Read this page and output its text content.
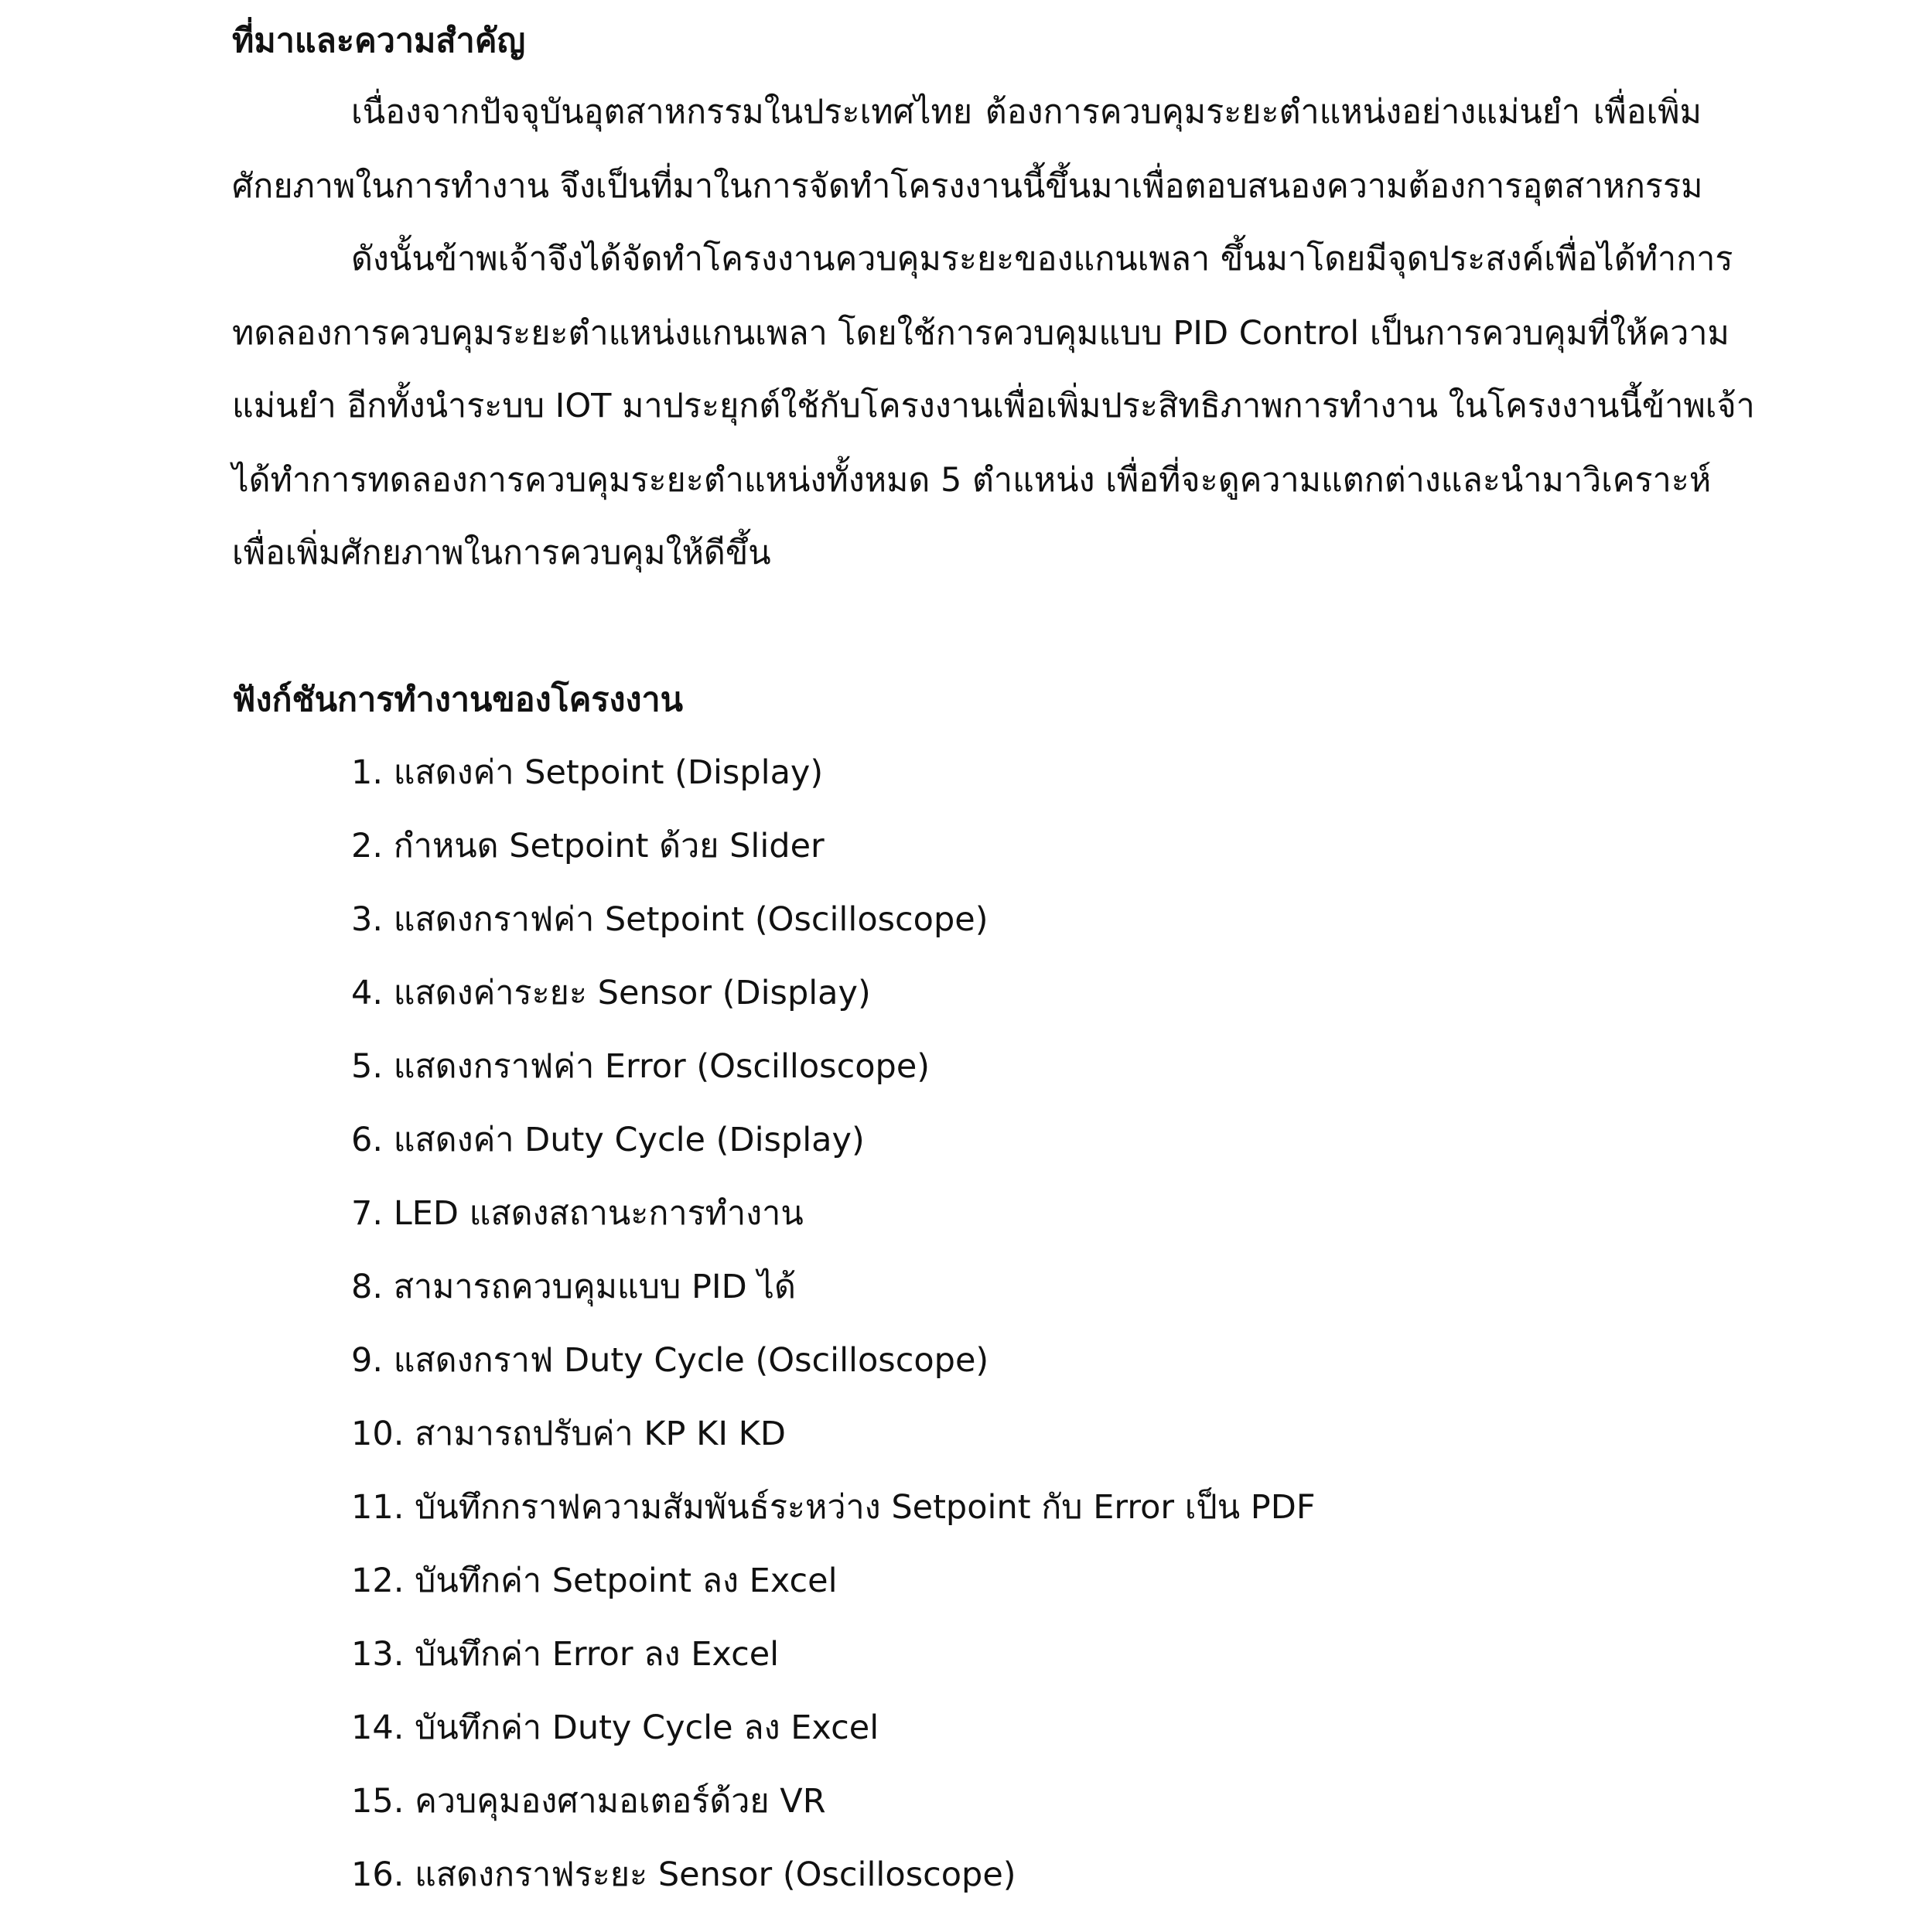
ที่มาและความสำคัญ
เนื่องจากปัจจุบันอุตสาหกรรมในประเทศไทย ต้องการควบคุมระยะตำแหน่งอย่างแม่นยำ เพื่อเพิ่ม
ศักยภาพในการทำงาน จึงเป็นที่มาในการจัดทำโครงงานนี้ขึ้นมาเพื่อตอบสนองความต้องการอุตสาหกรรม
ดังนั้นข้าพเจ้าจึงได้จัดทำโครงงานควบคุมระยะของแกนเพลา ขึ้นมาโดยมีจุดประสงค์เพื่อได้ทำการ
ทดลองการควบคุมระยะตำแหน่งแกนเพลา โดยใช้การควบคุมแบบ PID Control เป็นการควบคุมที่ให้ความ
แม่นยำ อีกทั้งนำระบบ IOT มาประยุกต์ใช้กับโครงงานเพื่อเพิ่มประสิทธิภาพการทำงาน ในโครงงานนี้ข้าพเจ้า
ได้ทำการทดลองการควบคุมระยะตำแหน่งทั้งหมด 5 ตำแหน่ง เพื่อที่จะดูความแตกต่างและนำมาวิเคราะห์
เพื่อเพิ่มศักยภาพในการควบคุมให้ดีขึ้น
ฟังก์ชันการทำงานของโครงงาน
1. แสดงค่า Setpoint (Display)
2. กำหนด Setpoint ด้วย Slider
3. แสดงกราฟค่า Setpoint (Oscilloscope)
4. แสดงค่าระยะ Sensor (Display)
5. แสดงกราฟค่า Error (Oscilloscope)
6. แสดงค่า Duty Cycle (Display)
7. LED แสดงสถานะการทำงาน
8. สามารถควบคุมแบบ PID ได้
9. แสดงกราฟ Duty Cycle (Oscilloscope)
10. สามารถปรับค่า KP KI KD
11. บันทึกกราฟความสัมพันธ์ระหว่าง Setpoint กับ Error เป็น PDF
12. บันทึกค่า Setpoint ลง Excel
13. บันทึกค่า Error ลง Excel
14. บันทึกค่า Duty Cycle ลง Excel
15. ควบคุมองศามอเตอร์ด้วย VR
16. แสดงกราฟระยะ Sensor (Oscilloscope)
